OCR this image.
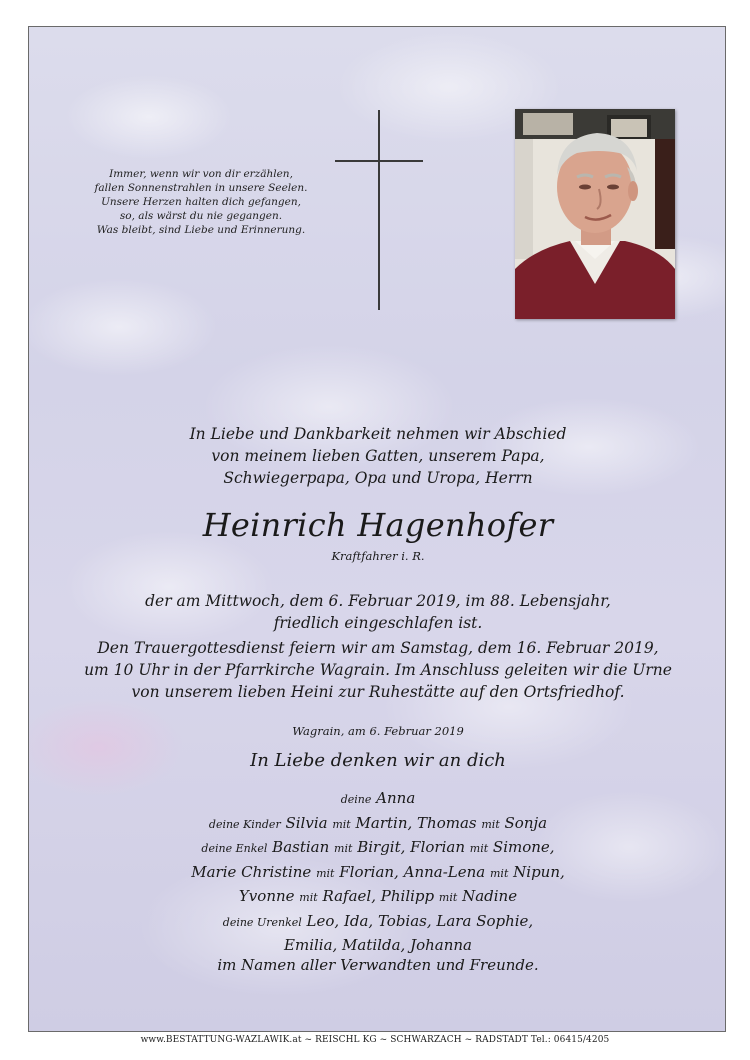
Immer, wenn wir von dir erzählen,
fallen Sonnenstrahlen in unsere Seelen.
Unsere Herzen halten dich gefangen,
so, als wärst du nie gegangen.
Was bleibt, sind Liebe und Erinnerung.
In Liebe und Dankbarkeit nehmen wir Abschied
von meinem lieben Gatten, unserem Papa,
Schwiegerpapa, Opa und Uropa, Herrn
Heinrich Hagenhofer
Kraftfahrer i. R.
der am Mittwoch, dem 6. Februar 2019, im 88. Lebensjahr,
friedlich eingeschlafen ist.
Den Trauergottesdienst feiern wir am Samstag, dem 16. Februar 2019,
um 10 Uhr in der Pfarrkirche Wagrain. Im Anschluss geleiten wir die Urne
von unserem lieben Heini zur Ruhestätte auf den Ortsfriedhof.
Wagrain, am 6. Februar 2019
In Liebe denken wir an dich
deine Anna
deine Kinder Silvia mit Martin, Thomas mit Sonja
deine Enkel Bastian mit Birgit, Florian mit Simone,
Marie Christine mit Florian, Anna-Lena mit Nipun,
Yvonne mit Rafael, Philipp mit Nadine
deine Urenkel Leo, Ida, Tobias, Lara Sophie,
Emilia, Matilda, Johanna
im Namen aller Verwandten und Freunde.
www.BESTATTUNG-WAZLAWIK.at ~ REISCHL KG ~ SCHWARZACH ~ RADSTADT Tel.: 06415/4205
